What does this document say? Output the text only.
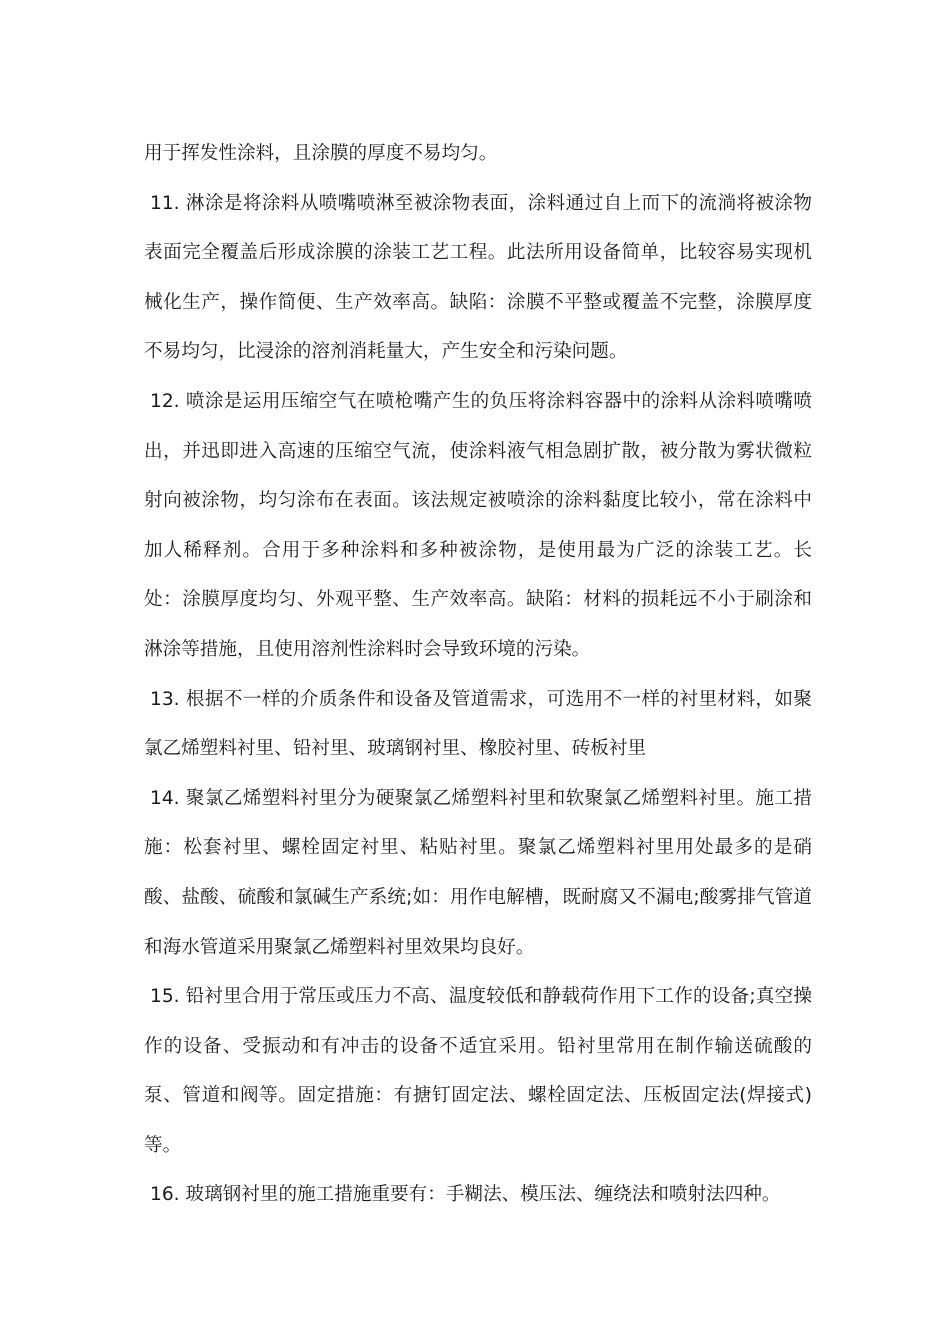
用于挥发性涂料，且涂膜的厚度不易均匀。

11. 淋涂是将涂料从喷嘴喷淋至被涂物表面，涂料通过自上而下的流淌将被涂物表面完全覆盖后形成涂膜的涂装工艺工程。此法所用设备简单，比较容易实现机械化生产，操作简便、生产效率高。缺陷：涂膜不平整或覆盖不完整，涂膜厚度不易均匀，比浸涂的溶剂消耗量大，产生安全和污染问题。

12. 喷涂是运用压缩空气在喷枪嘴产生的负压将涂料容器中的涂料从涂料喷嘴喷出，并迅即进入高速的压缩空气流，使涂料液气相急剧扩散，被分散为雾状微粒射向被涂物，均匀涂布在表面。该法规定被喷涂的涂料黏度比较小，常在涂料中加人稀释剂。合用于多种涂料和多种被涂物，是使用最为广泛的涂装工艺。长处：涂膜厚度均匀、外观平整、生产效率高。缺陷：材料的损耗远不小于刷涂和淋涂等措施，且使用溶剂性涂料时会导致环境的污染。

13. 根据不一样的介质条件和设备及管道需求，可选用不一样的衬里材料，如聚氯乙烯塑料衬里、铅衬里、玻璃钢衬里、橡胶衬里、砖板衬里

14. 聚氯乙烯塑料衬里分为硬聚氯乙烯塑料衬里和软聚氯乙烯塑料衬里。施工措施：松套衬里、螺栓固定衬里、粘贴衬里。聚氯乙烯塑料衬里用处最多的是硝酸、盐酸、硫酸和氯碱生产系统;如：用作电解槽，既耐腐又不漏电;酸雾排气管道和海水管道采用聚氯乙烯塑料衬里效果均良好。

15. 铅衬里合用于常压或压力不高、温度较低和静载荷作用下工作的设备;真空操作的设备、受振动和有冲击的设备不适宜采用。铅衬里常用在制作输送硫酸的泵、管道和阀等。固定措施：有搪钉固定法、螺栓固定法、压板固定法(焊接式)等。

16. 玻璃钢衬里的施工措施重要有：手糊法、模压法、缠绕法和喷射法四种。
